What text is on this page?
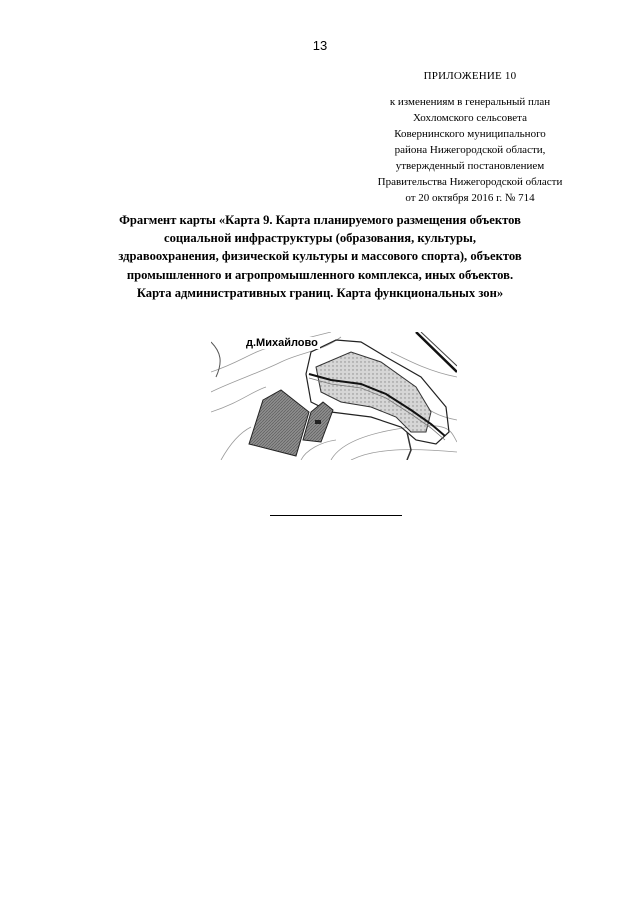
13
ПРИЛОЖЕНИЕ 10
к изменениям в генеральный план
Хохломского сельсовета
Ковернинского муниципального
района Нижегородской области,
утвержденный постановлением
Правительства Нижегородской области
от 20 октября 2016 г. № 714
Фрагмент карты «Карта 9. Карта планируемого размещения объектов
социальной инфраструктуры (образования, культуры,
здравоохранения, физической культуры и массового спорта), объектов
промышленного и агропромышленного комплекса, иных объектов.
Карта административных границ. Карта функциональных зон»
д.Михайлово
